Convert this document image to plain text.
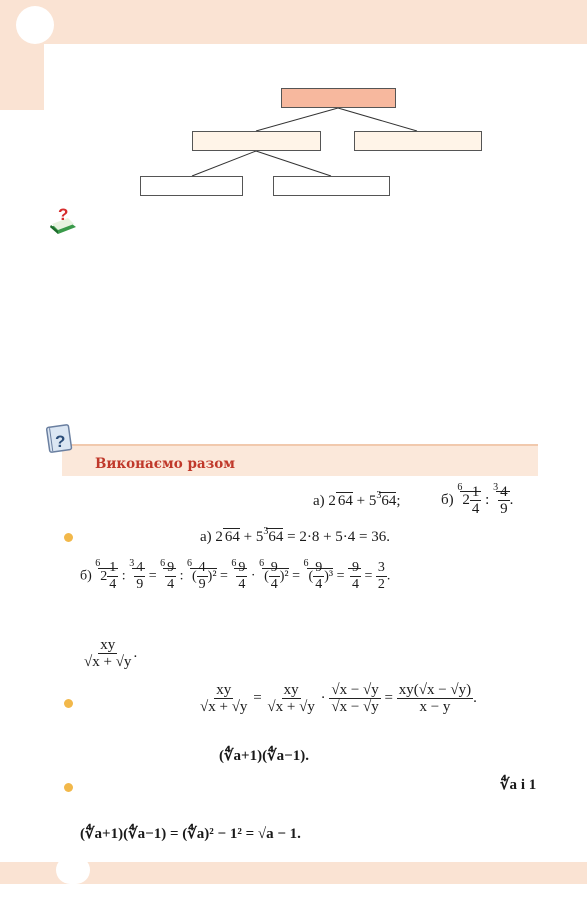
?
?
Виконаємо разом
а) 2 $64 + 5^364$;	б) $^62 \frac{1}{4}$ : $^3 \frac{4}{9}$ .
а) 2 $64 + 5^364 = 2\cdot 8 + 5\cdot 4 = 36$.
б) $^62 \frac{1}{4}$ : $^3 \frac{4}{9} = ^6 \frac{9}{4}$ : $^6( \frac{4}{9} )^2 = ^6 \frac{9}{4} \cdot ^6( \frac{9}{4} )^2 = ^6( \frac{9}{4} )^3 = \frac{9}{4} = \frac{3}{2}$ .
$\frac{xy}{√x + √y}$ .
$\frac{xy}{√x + √y} = \frac{xy}{√x + √y} \cdot \frac{√x - √y}{√x - √y} = \frac{xy(√x - √y)}{x - y}$ .
(∜a+1)(∜a−1).
∜a і 1
(∜a+1)(∜a−1) = (∜a)² − 1² = √a − 1.
